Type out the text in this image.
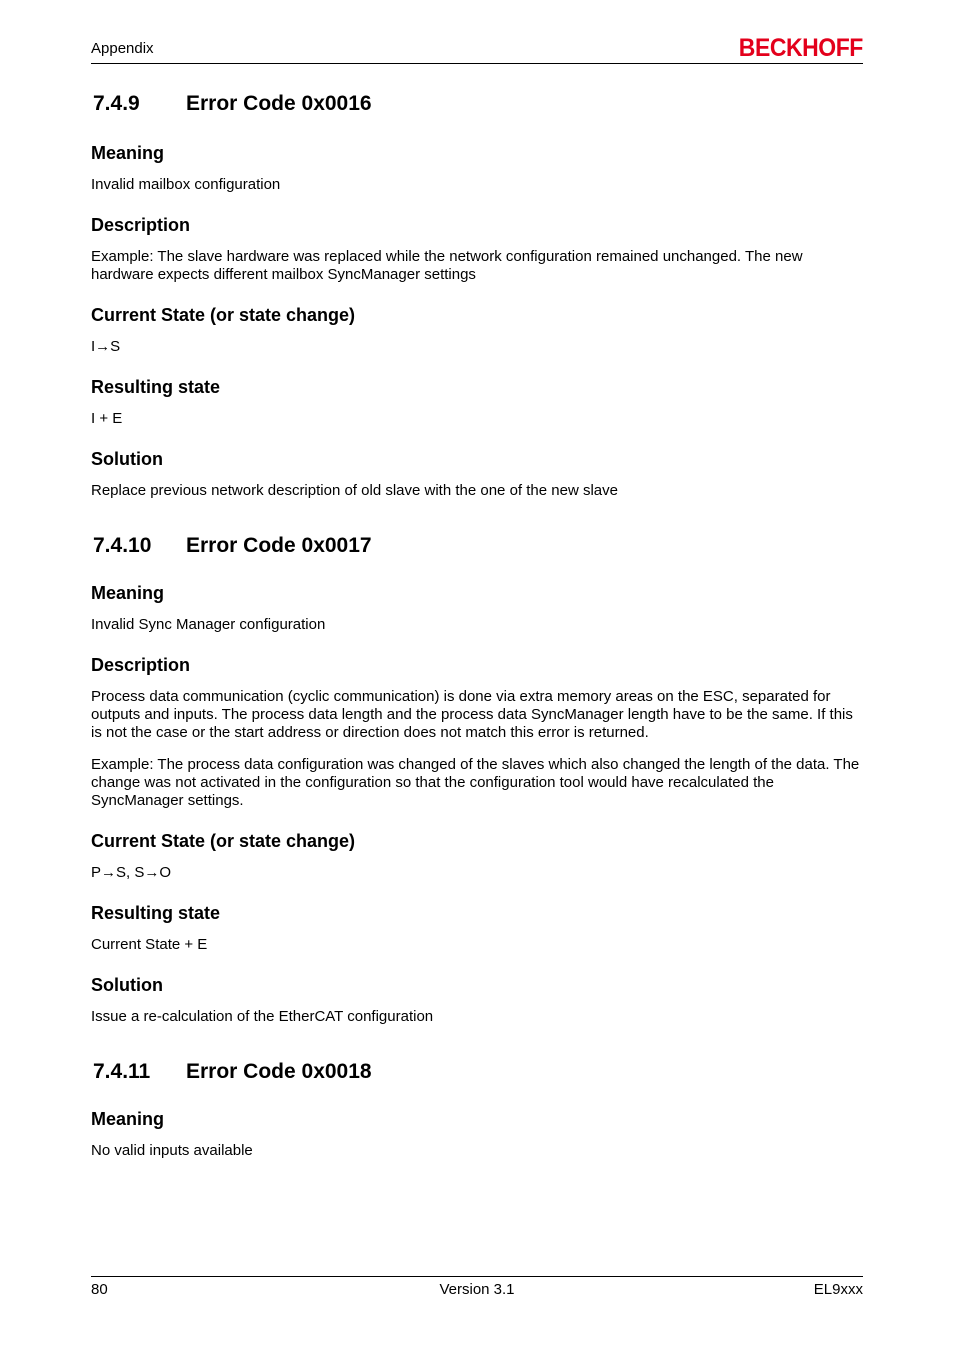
Appendix	BECKHOFF
7.4.9	Error Code 0x0016
Meaning

Invalid mailbox configuration

Description

Example: The slave hardware was replaced while the network configuration remained unchanged. The new hardware expects different mailbox SyncManager settings

Current State (or state change)

I→S

Resulting state

I + E

Solution

Replace previous network description of old slave with the one of the new slave

7.4.10	Error Code 0x0017
Meaning

Invalid Sync Manager configuration

Description

Process data communication (cyclic communication) is done via extra memory areas on the ESC, separated for outputs and inputs. The process data length and the process data SyncManager length have to be the same. If this is not the case or the start address or direction does not match this error is returned.

Example: The process data configuration was changed of the slaves which also changed the length of the data. The change was not activated in the configuration so that the configuration tool would have recalculated the SyncManager settings.

Current State (or state change)

P→S, S→O

Resulting state

Current State + E

Solution

Issue a re-calculation of the EtherCAT configuration

7.4.11	Error Code 0x0018
Meaning

No valid inputs available

80	Version 3.1	EL9xxx
